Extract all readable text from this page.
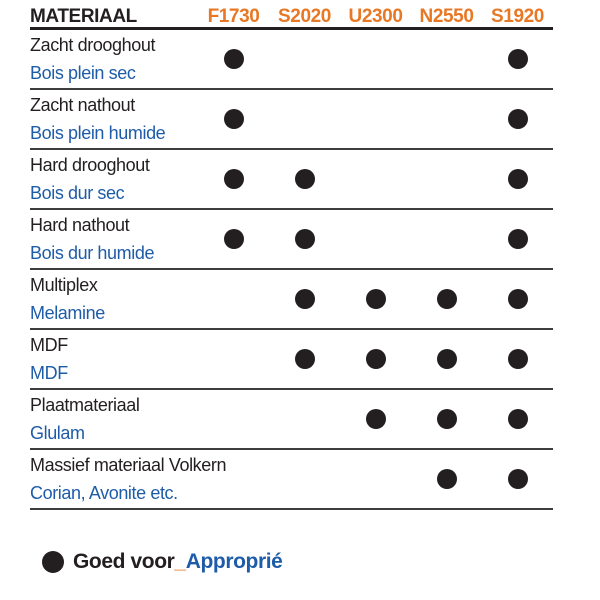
MATERIAAL	F1730 S2020 U2300 N2550 S1920
Zacht drooghout
Bois plein sec
Zacht nathout
Bois plein humide
Hard drooghout
Bois dur sec
Hard nathout
Bois dur humide
Multiplex
Melamine
MDF
MDF
Plaatmateriaal
Glulam
Massief materiaal Volkern
Corian, Avonite etc.
Goed voor_Approprié
